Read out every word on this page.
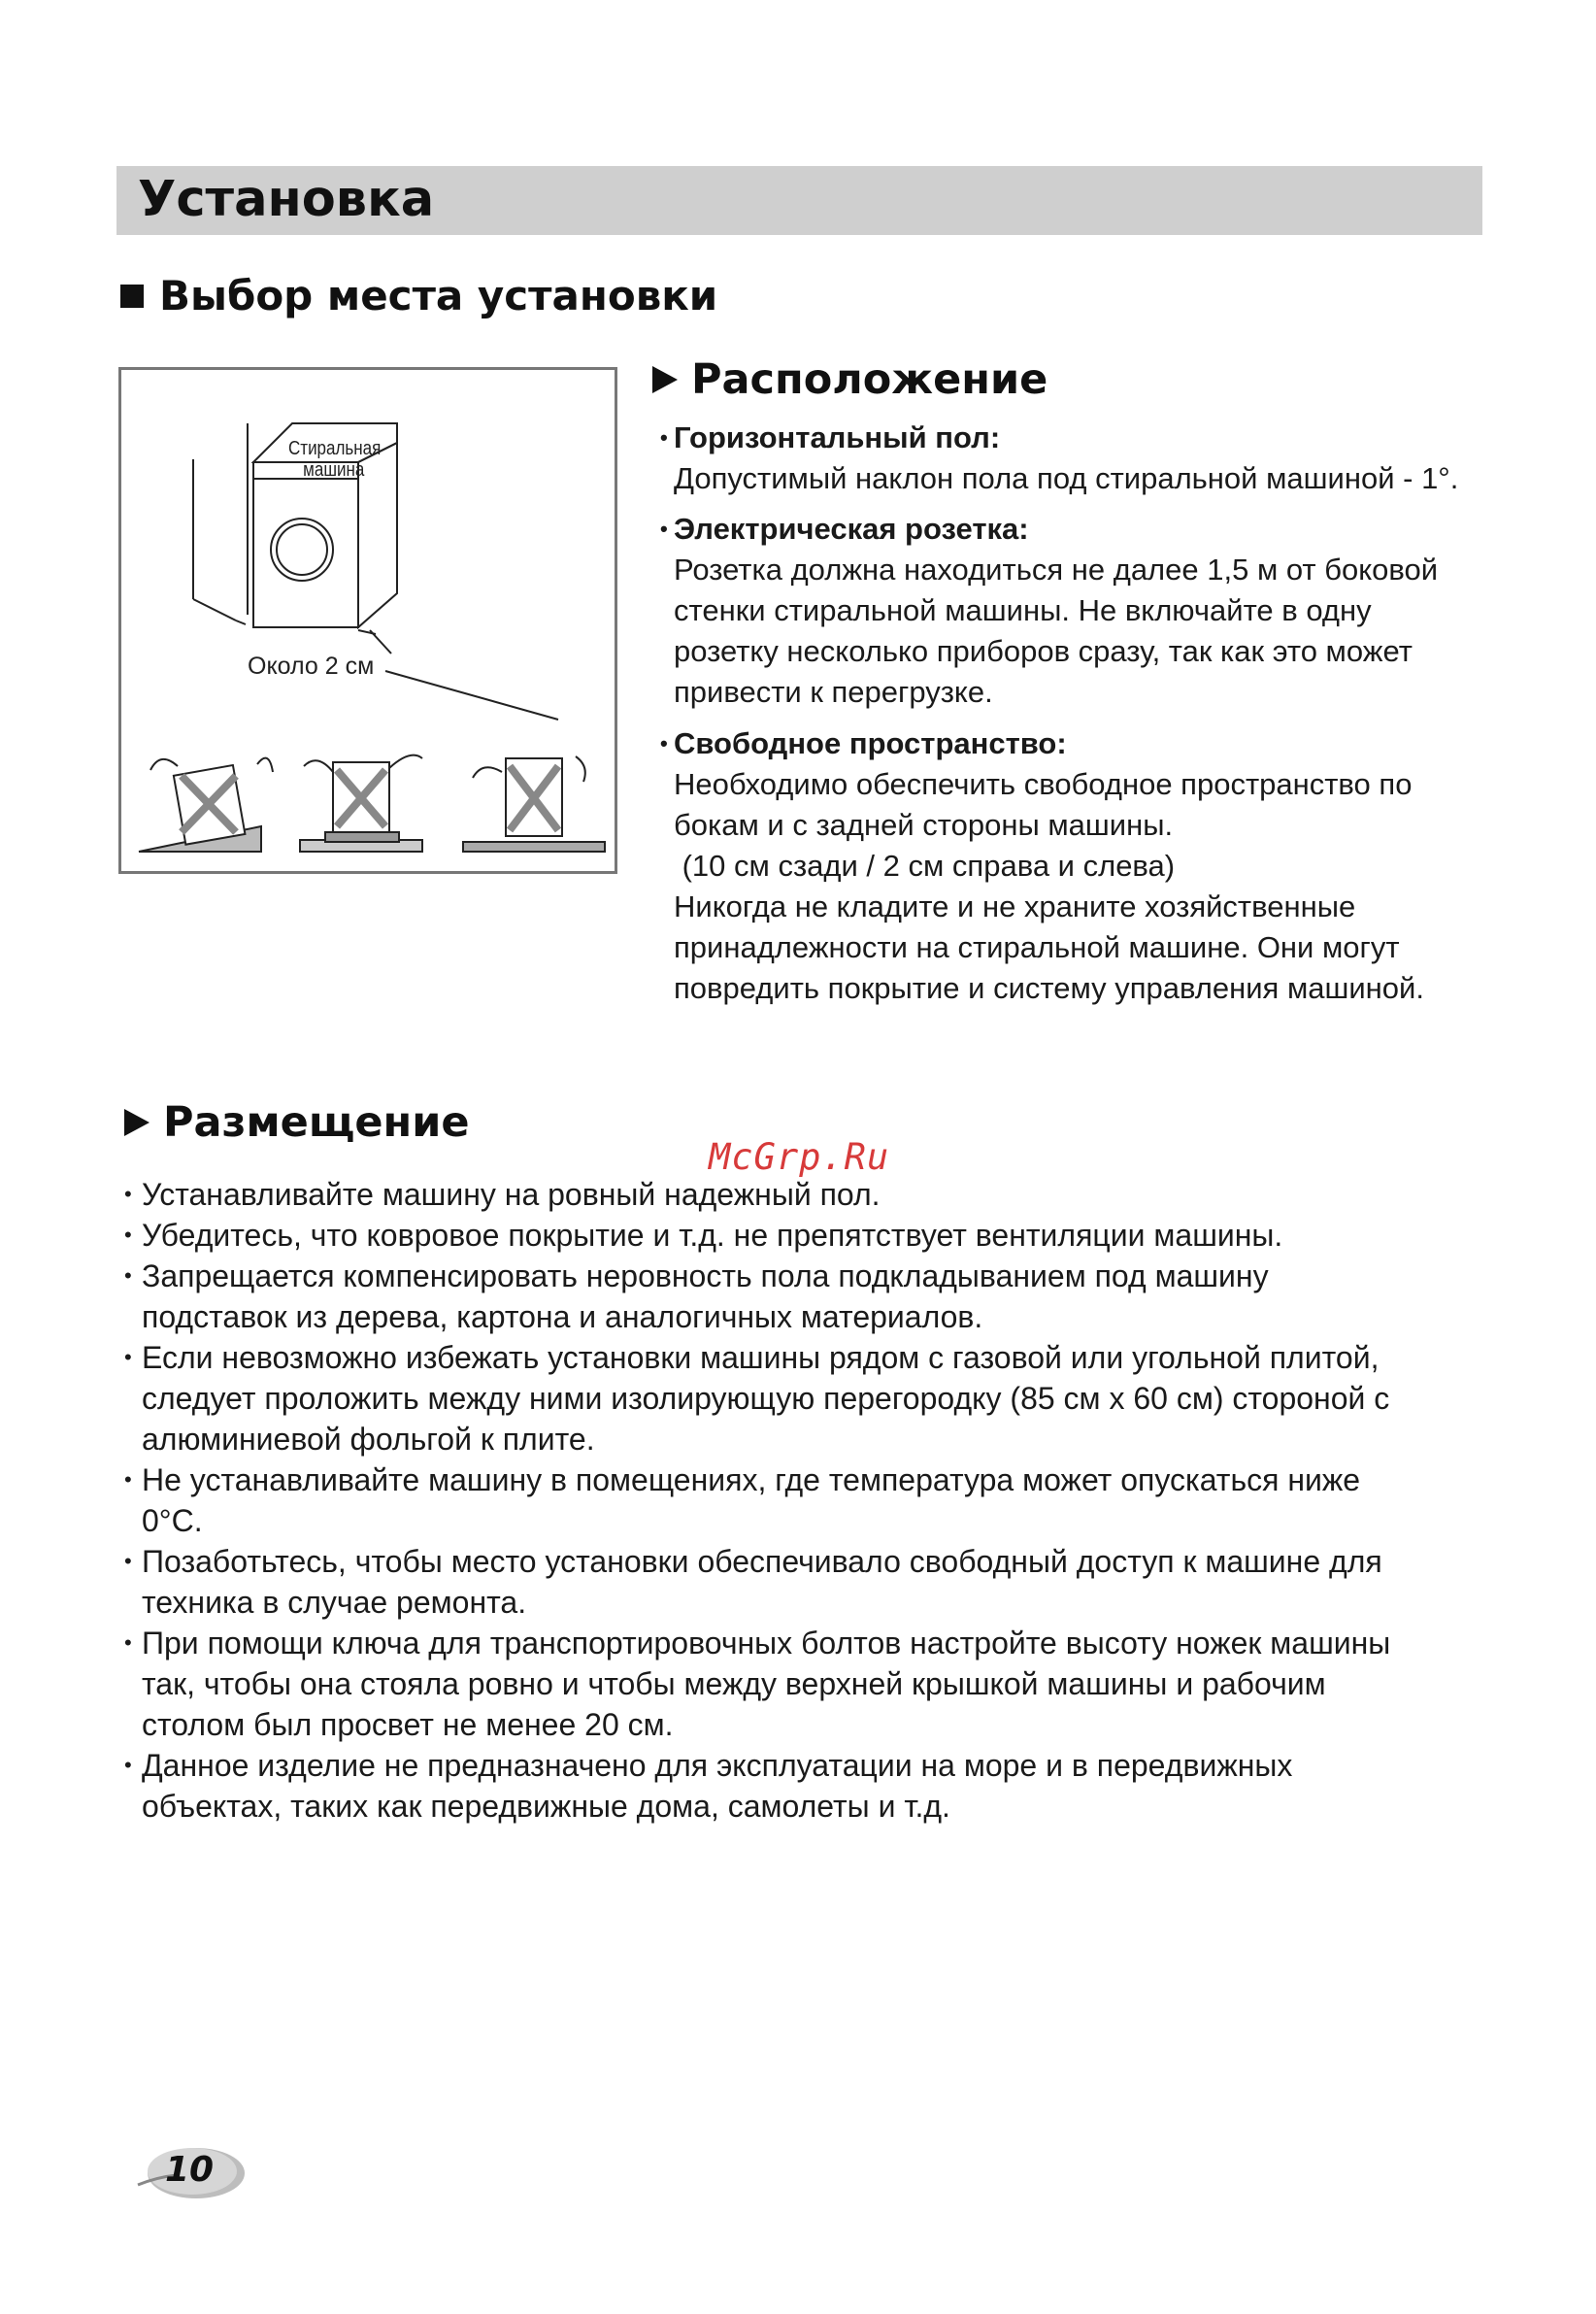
Установка
Выбор места установки
Стиральная
машина
Около 2 см
Расположение
• Горизонтальный пол:
Допустимый наклон пола под стиральной машиной - 1°.
• Электрическая розетка:
Розетка должна находиться не далее 1,5 м от боковой
стенки стиральной машины. Не включайте в одну
розетку несколько приборов сразу, так как это может
привести к перегрузке.
• Свободное пространство:
Необходимо обеспечить свободное пространство по
бокам и с задней стороны машины.
(10 см сзади / 2 см справа и слева)
Никогда не кладите и не храните хозяйственные
принадлежности на стиральной машине. Они могут
повредить покрытие и систему управления машиной.
Размещение
McGrp.Ru
• Устанавливайте машину на ровный надежный пол.
• Убедитесь, что ковровое покрытие и т.д. не препятствует вентиляции машины.
• Запрещается компенсировать неровность пола подкладыванием под машину
подставок из дерева, картона и аналогичных материалов.
• Если невозможно избежать установки машины рядом с газовой или угольной плитой,
следует проложить между ними изолирующую перегородку (85 см х 60 см) стороной с
алюминиевой фольгой к плите.
• Не устанавливайте машину в помещениях, где температура может опускаться ниже
0°С.
• Позаботьтесь, чтобы место установки обеспечивало свободный доступ к машине для
техника в случае ремонта.
• При помощи ключа для транспортировочных болтов настройте высоту ножек машины
так, чтобы она стояла ровно и чтобы между верхней крышкой машины и рабочим
столом был просвет не менее 20 см.
• Данное изделие не предназначено для эксплуатации на море и в передвижных
объектах, таких как передвижные дома, самолеты и т.д.
10
